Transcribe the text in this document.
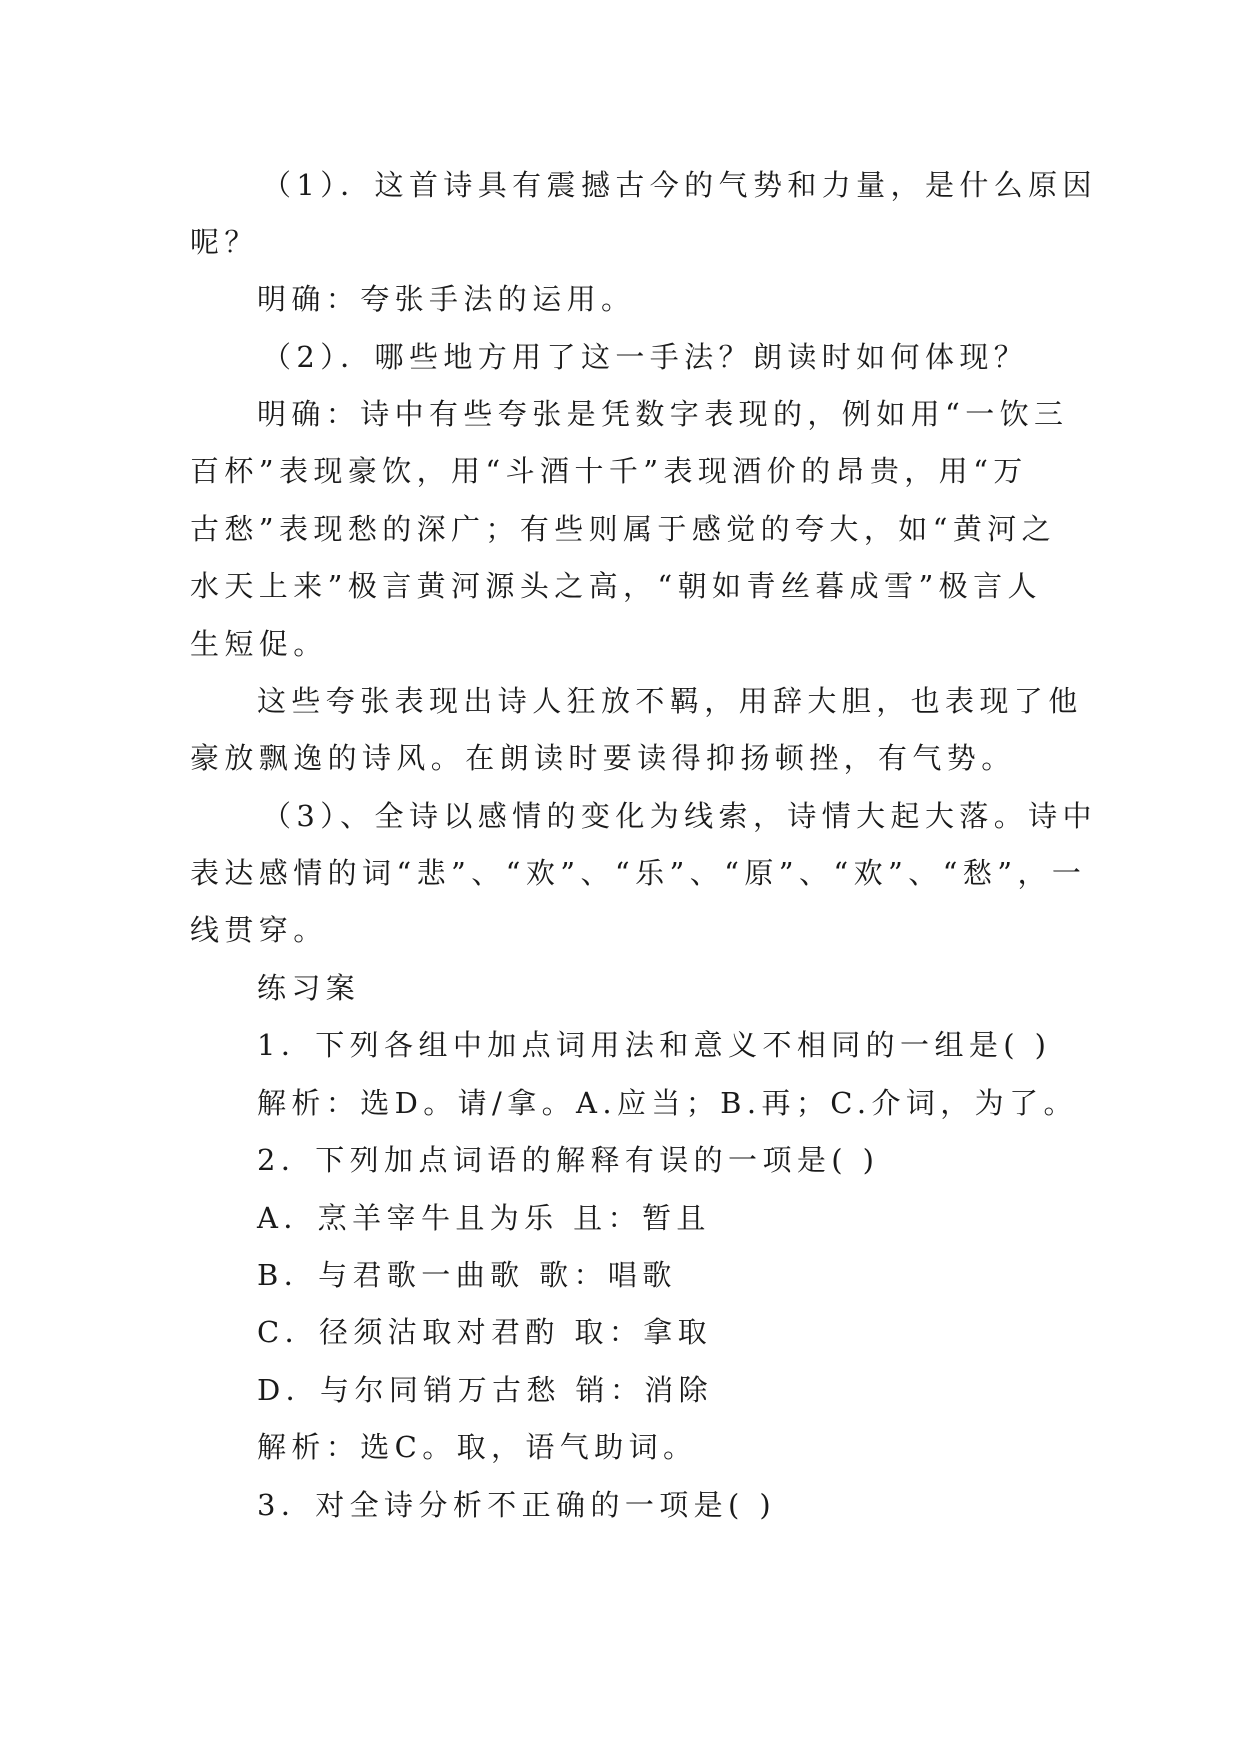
（1）．这首诗具有震撼古今的气势和力量，是什么原因
呢？
明确：夸张手法的运用。
（2）．哪些地方用了这一手法？朗读时如何体现？
明确：诗中有些夸张是凭数字表现的，例如用“一饮三
百杯”表现豪饮，用“斗酒十千”表现酒价的昂贵，用“万
古愁”表现愁的深广；有些则属于感觉的夸大，如“黄河之
水天上来”极言黄河源头之高，“朝如青丝暮成雪”极言人
生短促。
这些夸张表现出诗人狂放不羁，用辞大胆，也表现了他
豪放飘逸的诗风。在朗读时要读得抑扬顿挫，有气势。
（3）、全诗以感情的变化为线索，诗情大起大落。诗中
表达感情的词“悲”、“欢”、“乐”、“原”、“欢”、“愁”，一
线贯穿。
练习案
1．下列各组中加点词用法和意义不相同的一组是( )
解析：选D。请/拿。A.应当；B.再；C.介词，为了。
2．下列加点词语的解释有误的一项是( )
A．烹羊宰牛且为乐 且：暂且
B．与君歌一曲歌 歌：唱歌
C．径须沽取对君酌 取：拿取
D．与尔同销万古愁 销：消除
解析：选C。取，语气助词。
3．对全诗分析不正确的一项是( )
